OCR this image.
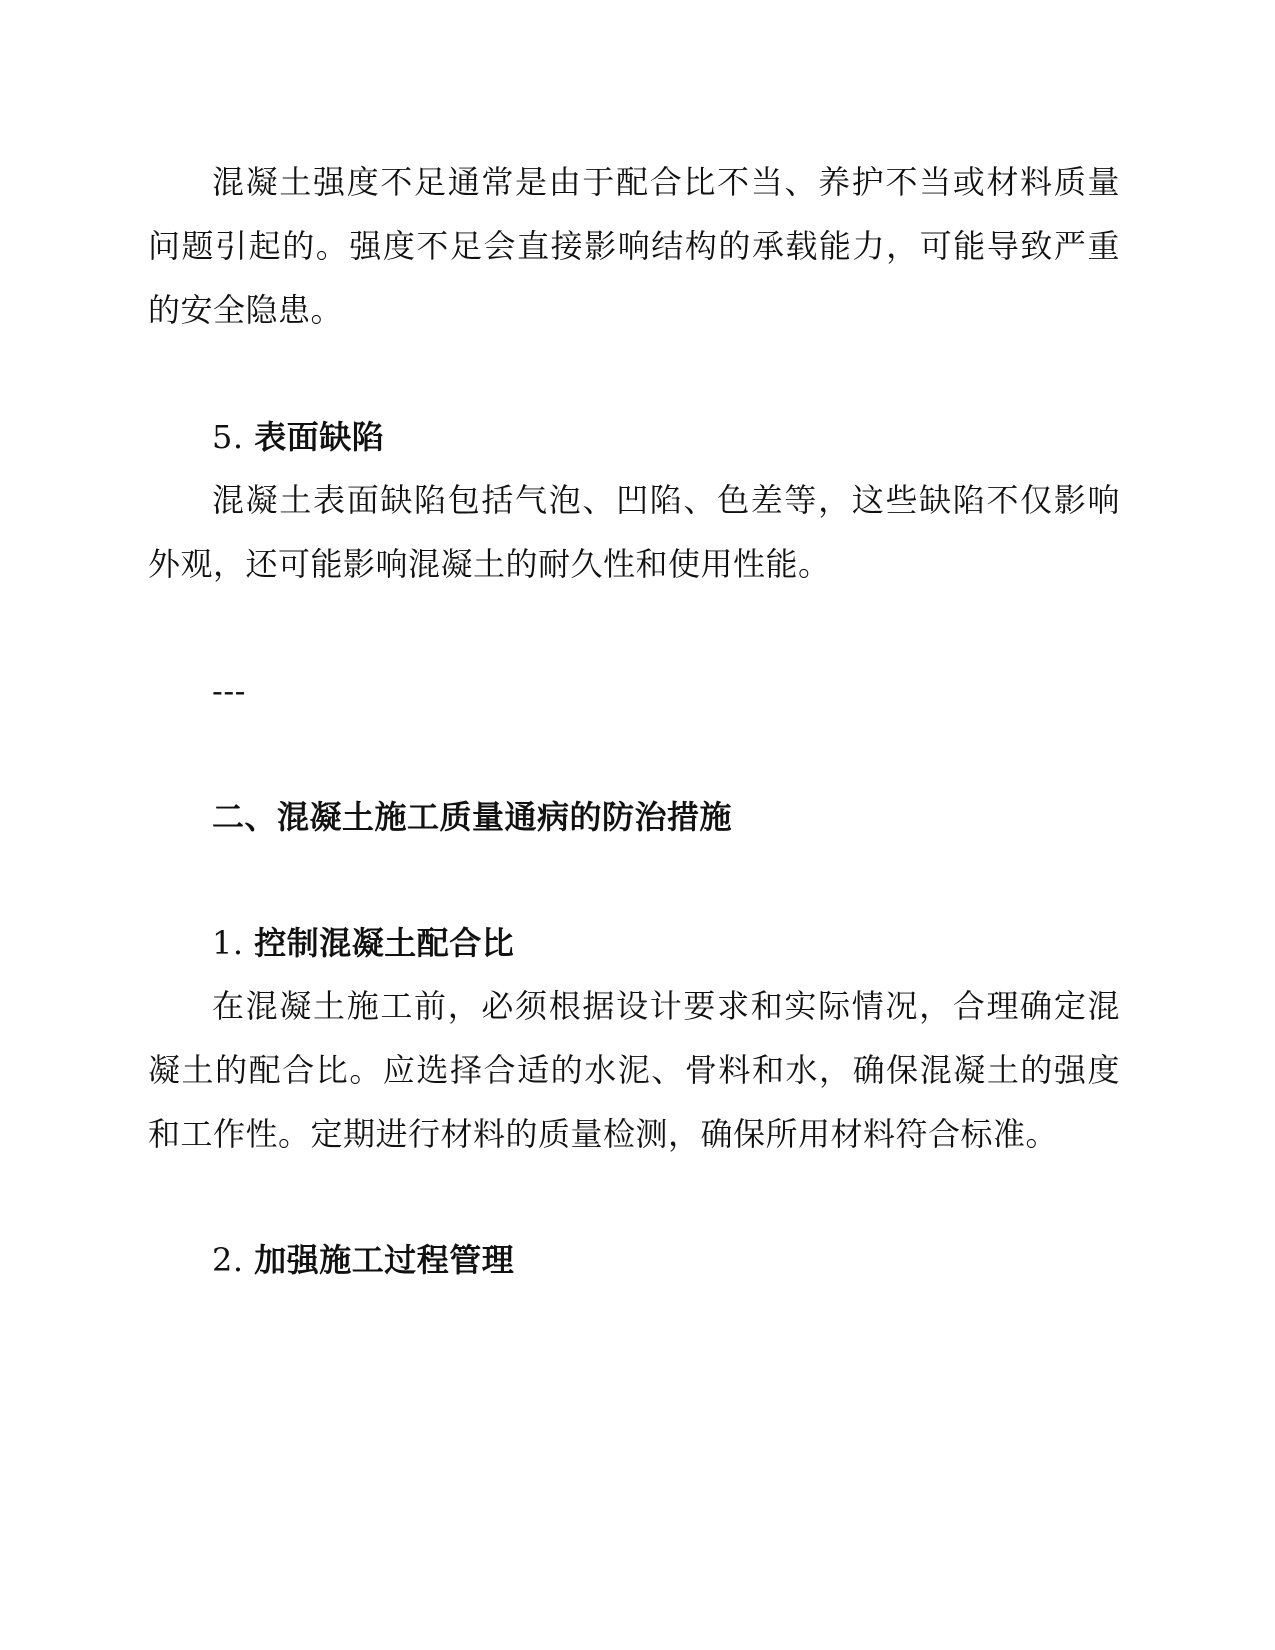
混凝土强度不足通常是由于配合比不当、养护不当或材料质量问题引起的。强度不足会直接影响结构的承载能力，可能导致严重的安全隐患。

5. 表面缺陷

混凝土表面缺陷包括气泡、凹陷、色差等，这些缺陷不仅影响外观，还可能影响混凝土的耐久性和使用性能。

---
二、混凝土施工质量通病的防治措施
1. 控制混凝土配合比

在混凝土施工前，必须根据设计要求和实际情况，合理确定混凝土的配合比。应选择合适的水泥、骨料和水，确保混凝土的强度和工作性。定期进行材料的质量检测，确保所用材料符合标准。

2. 加强施工过程管理
